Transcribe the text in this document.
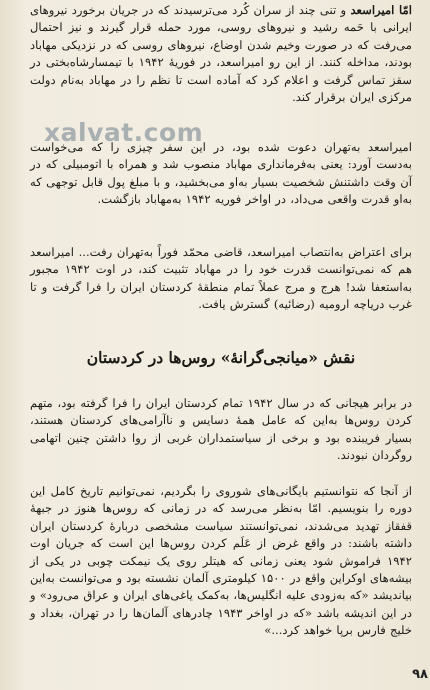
امّا امیراسعد و تنی چند از سران کُرد می‌ترسیدند که در جریان برخورد نیروهای ایرانی با حَمه رشید و نیروهای روسی، مورد حمله قرار گیرند و نیز احتمال می‌رفت که در صورت وخیم شدن اوضاع، نیروهای روسی که در نزدیکی مهاباد بودند، مداخله کنند. از این رو امیراسعد، در فوریهٔ ۱۹۴۲ با تیمسارشاه‌بختی در سقز تماس گرفت و اعلام کرد که آماده است تا نظم را در مهاباد به‌نام دولت مرکزی ایران برقرار کند.

امیراسعد به‌تهران دعوت شده بود، در این سفر چیزی را که می‌خواست به‌دست آورد: یعنی به‌فرمانداری مهاباد منصوب شد و همراه با اتومبیلی که در آن وقت داشتنش شخصیت بسیار به‌او می‌بخشید، و با مبلغ پول قابل توجهی که به‌او قدرت واقعی می‌داد، در اواخر فوریه ۱۹۴۲ به‌مهاباد بازگشت.

برای اعتراض به‌انتصاب امیراسعد، قاضی محمّد فوراً به‌تهران رفت... امیراسعد هم که نمی‌توانست قدرت خود را در مهاباد تثبیت کند، در اوت ۱۹۴۲ مجبور به‌استعفا شد! هرج و مرج عملاً تمام منطقهٔ کردستان ایران را فرا گرفت و تا غرب دریاچه ارومیه (رضائیه) گسترش یافت.

نقش «میانجی‌گرانهٔ» روس‌ها در کردستان

در برابر هیجانی که در سال ۱۹۴۲ تمام کردستان ایران را فرا گرفته بود، متهم کردن روس‌ها به‌این که عامل همهٔ دسایس و ناآرامی‌های کردستان هستند، بسیار فریبنده بود و برخی از سیاستمداران غربی از روا داشتن چنین اتهامی روگردان نبودند.

از آنجا که نتوانستیم بایگانی‌های شوروی را بگردیم، نمی‌توانیم تاریخ کامل این دوره را بنویسیم. امّا به‌نظر می‌رسد که در زمانی که روس‌ها هنوز در جبههٔ قفقاز تهدید می‌شدند، نمی‌توانستند سیاست مشخصی دربارهٔ کردستان ایران داشته باشند: در واقع غرض از عَلَم کردن روس‌ها این است که جریان اوت ۱۹۴۲ فراموش شود یعنی زمانی که هیتلر روی یک نیمکت چوبی در یکی از بیشه‌های اوکراین واقع در ۱۵۰۰ کیلومتری آلمان نشسته بود و می‌توانست به‌این بیاندیشد «که به‌زودی علیه انگلیس‌ها، به‌کمک یاغی‌های ایران و عراق می‌رود» و در این اندیشه باشد «که در اواخر ۱۹۴۳ چادرهای آلمان‌ها را در تهران، بغداد و خلیج فارس برپا خواهد کرد...»

xalvat.com
۹۸
